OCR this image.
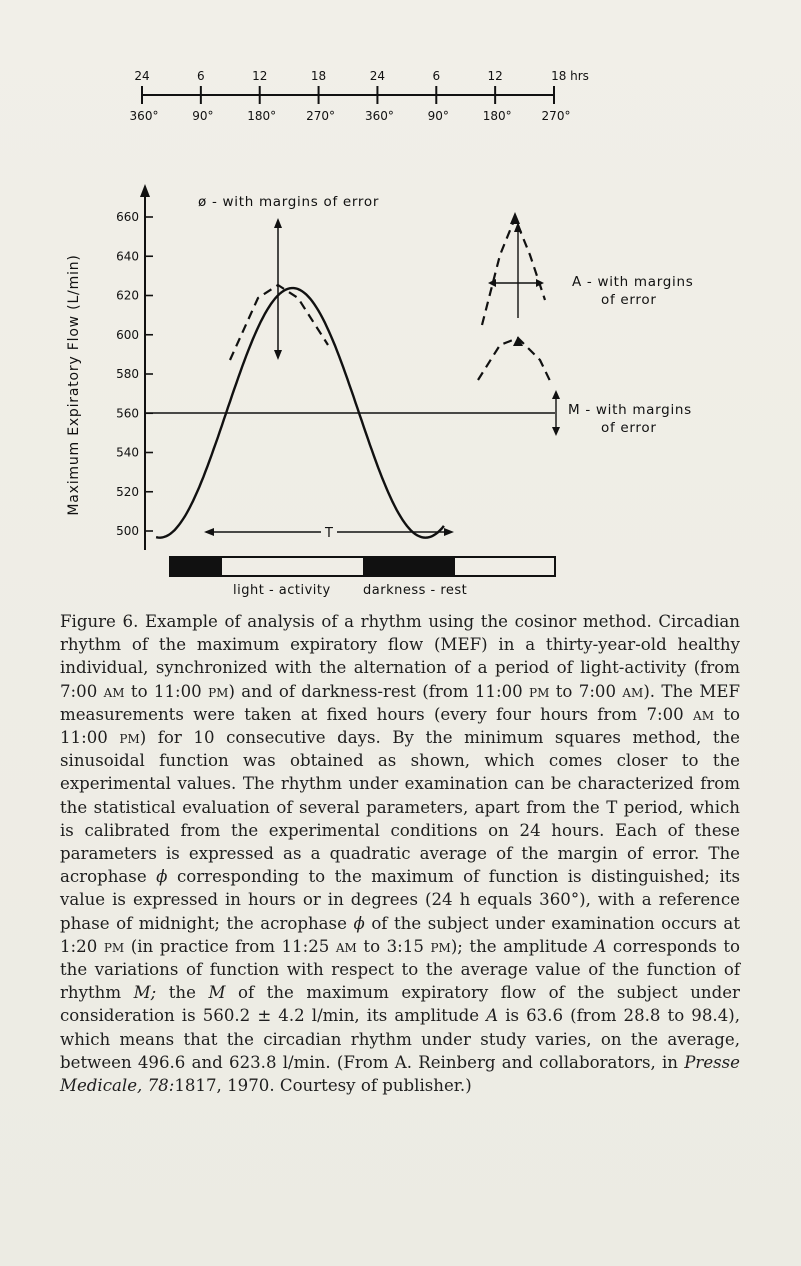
24
360°
6
90°
12
180°
18
270°
24
360°
6
90°
12
180°
18 hrs
270°
660
640
620
600
580
560
540
520
500
Maximum Expiratory Flow (L/min)
ø - with margins of error
A - with margins
of error
M - with margins
of error
T
light - activity darkness - rest

Figure 6. Example of analysis of a rhythm using the cosinor method. Circadian rhythm of the maximum expiratory flow (MEF) in a thirty-year-old healthy individual, synchronized with the alternation of a period of light-activity (from 7:00 am to 11:00 pm) and of darkness-rest (from 11:00 pm to 7:00 am). The MEF measurements were taken at fixed hours (every four hours from 7:00 am to 11:00 pm) for 10 consecutive days. By the minimum squares method, the sinusoidal function was obtained as shown, which comes closer to the experimental values. The rhythm under examination can be characterized from the statistical evaluation of several parameters, apart from the T period, which is calibrated from the experimental conditions on 24 hours. Each of these parameters is expressed as a quadratic average of the margin of error. The acrophase ϕ corresponding to the maximum of function is distinguished; its value is expressed in hours or in degrees (24 h equals 360°), with a reference phase of midnight; the acrophase ϕ of the subject under examination occurs at 1:20 pm (in practice from 11:25 am to 3:15 pm); the amplitude A corresponds to the variations of function with respect to the average value of the function of rhythm M; the M of the maximum expiratory flow of the subject under consideration is 560.2 ± 4.2 l/min, its amplitude A is 63.6 (from 28.8 to 98.4), which means that the circadian rhythm under study varies, on the average, between 496.6 and 623.8 l/min. (From A. Reinberg and collaborators, in Presse Medicale, 78:1817, 1970. Courtesy of publisher.)
